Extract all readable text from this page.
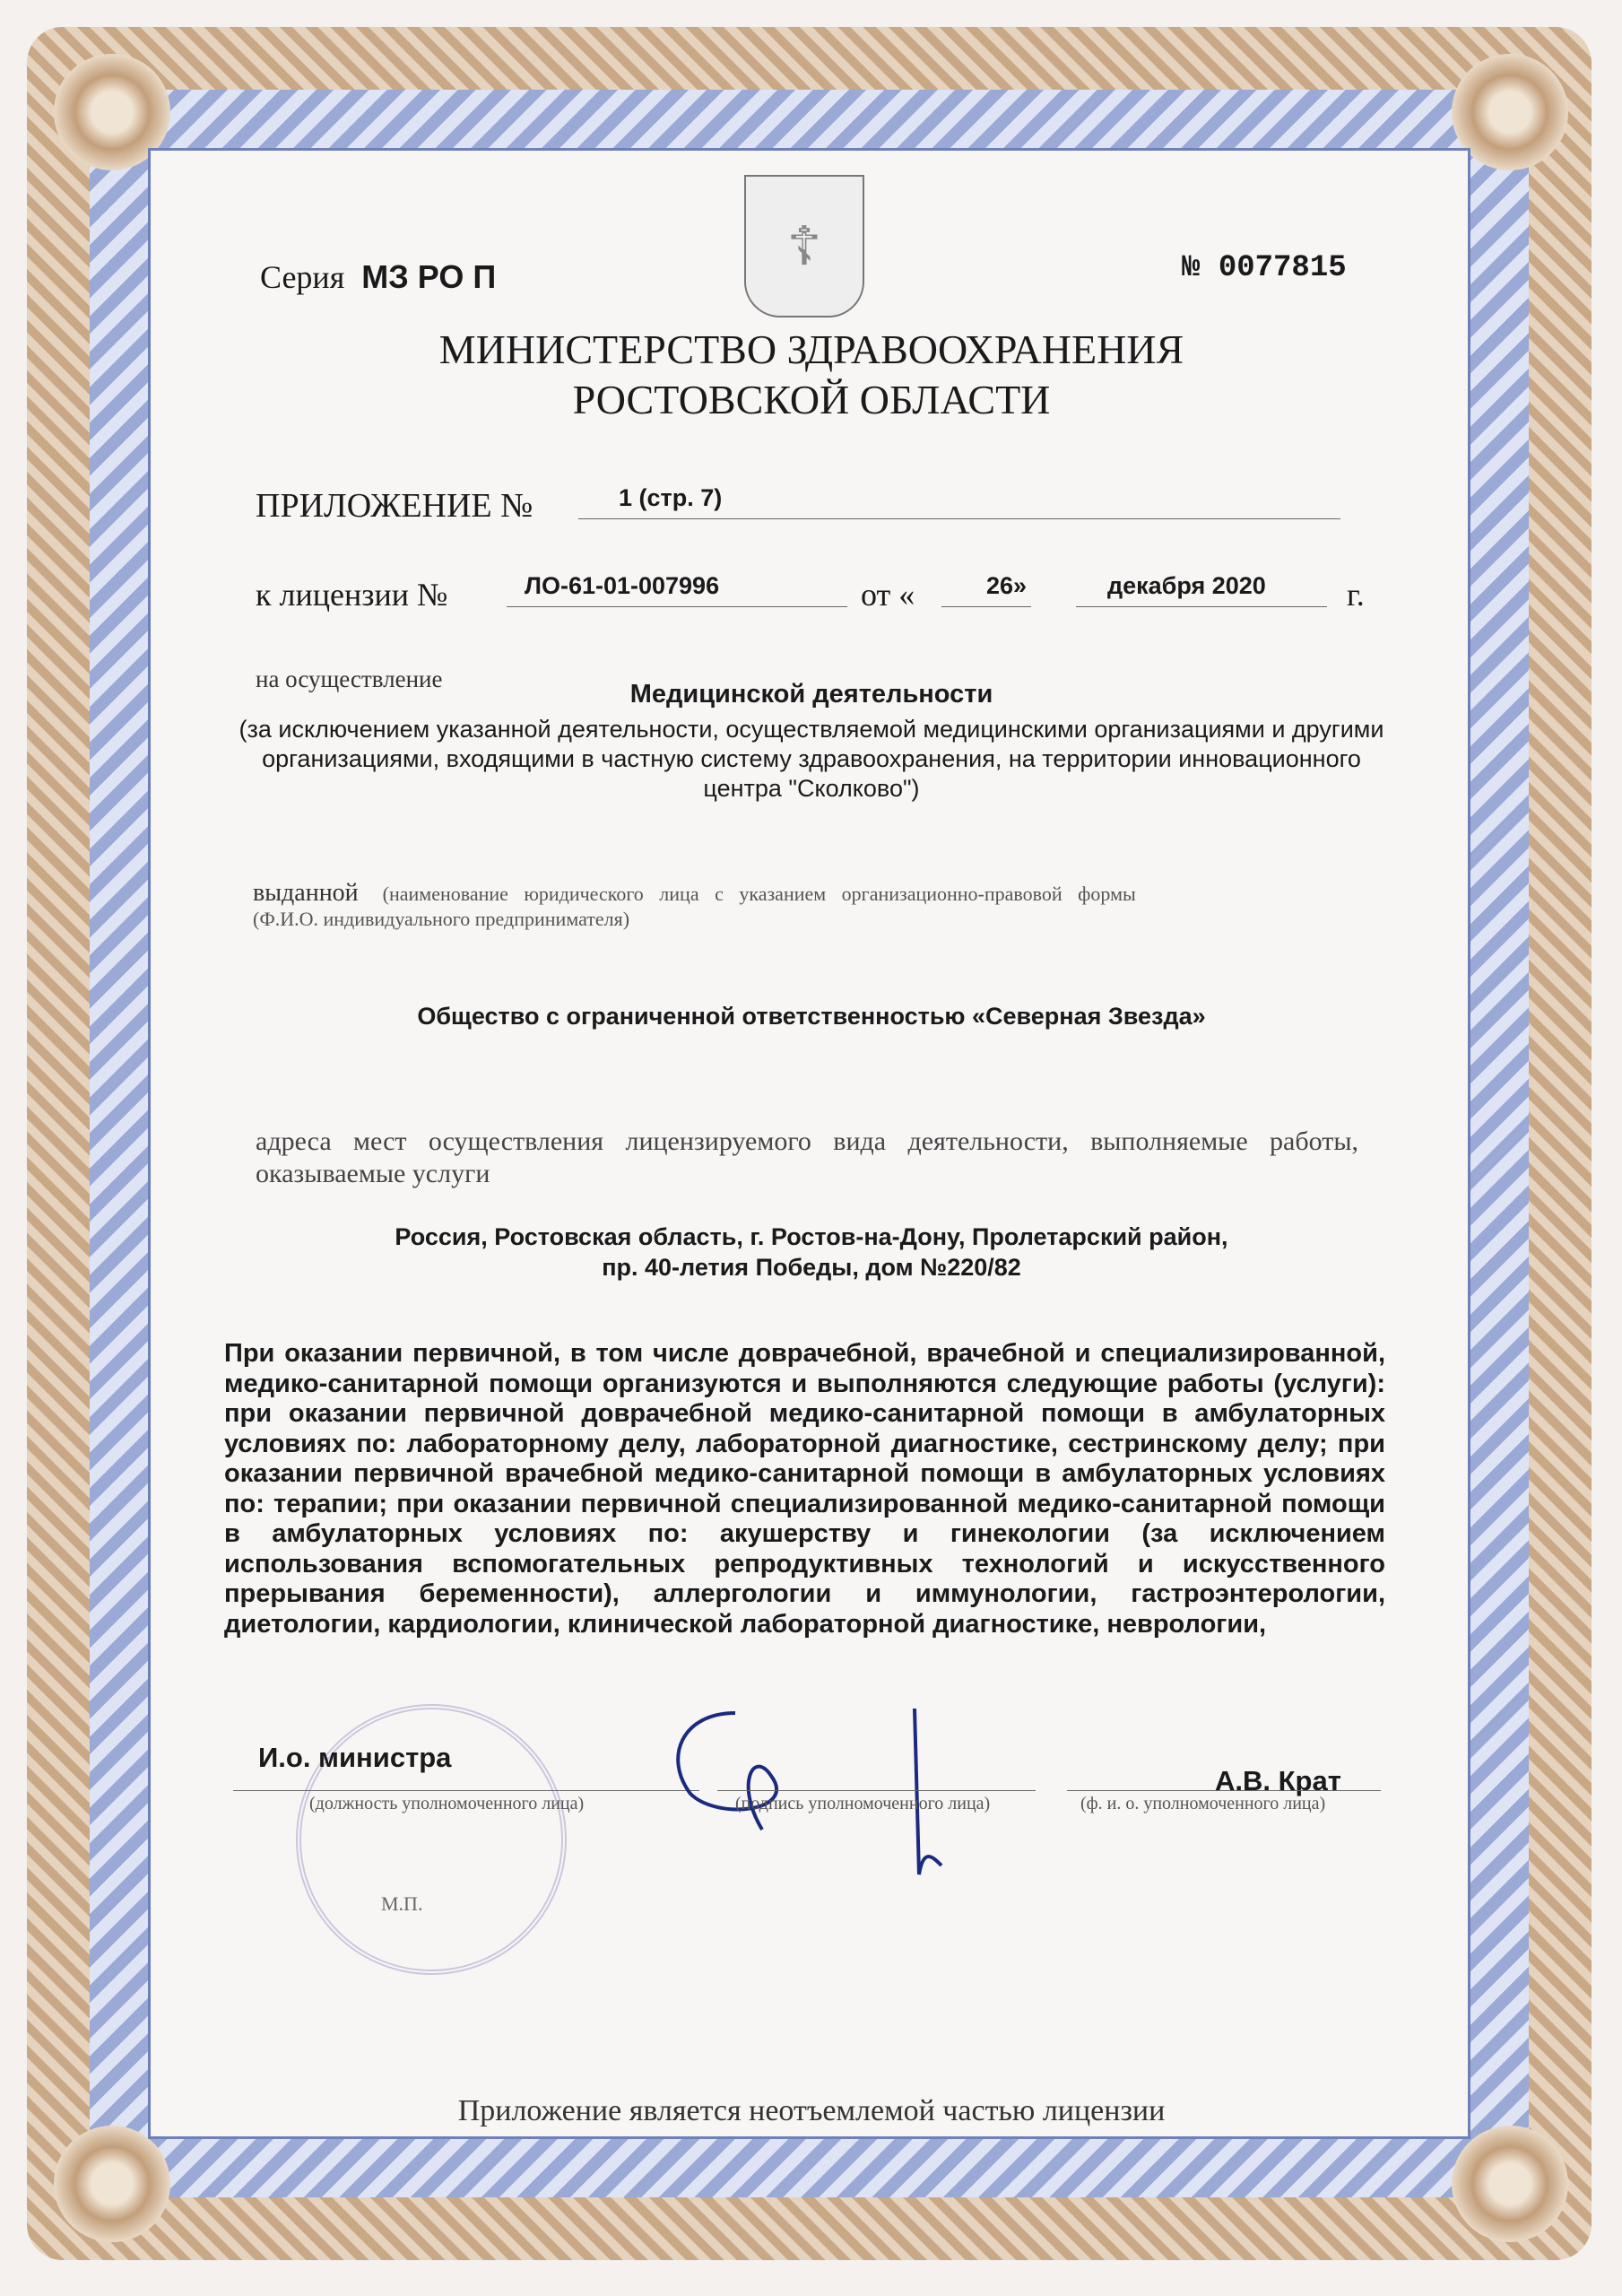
☦
Серия МЗ РО П	№ 0077815
МИНИСТЕРСТВО ЗДРАВООХРАНЕНИЯ
РОСТОВСКОЙ ОБЛАСТИ
ПРИЛОЖЕНИЕ №	1 (стр. 7)
к лицензии №	ЛО-61-01-007996	от «	26»	декабря 2020	г.
на осуществление
Медицинской деятельности
(за исключением указанной деятельности, осуществляемой медицинскими организациями и другими организациями, входящими в частную систему здравоохранения, на территории инновационного центра "Сколково")
выданной (наименование юридического лица с указанием организационно-правовой формы
(Ф.И.О. индивидуального предпринимателя)
Общество с ограниченной ответственностью «Северная Звезда»
адреса мест осуществления лицензируемого вида деятельности, выполняемые работы, оказываемые услуги
Россия, Ростовская область, г. Ростов-на-Дону, Пролетарский район,
пр. 40-летия Победы, дом №220/82
При оказании первичной, в том числе доврачебной, врачебной и специализированной, медико-санитарной помощи организуются и выполняются следующие работы (услуги): при оказании первичной доврачебной медико-санитарной помощи в амбулаторных условиях по: лабораторному делу, лабораторной диагностике, сестринскому делу; при оказании первичной врачебной медико-санитарной помощи в амбулаторных условиях по: терапии; при оказании первичной специализированной медико-санитарной помощи в амбулаторных условиях по: акушерству и гинекологии (за исключением использования вспомогательных репродуктивных технологий и искусственного прерывания беременности), аллергологии и иммунологии, гастроэнтерологии, диетологии, кардиологии, клинической лабораторной диагностике, неврологии,
М.П.
И.о. министра
(должность уполномоченного лица)	(подпись уполномоченного лица)
А.В. Крат
(ф. и. о. уполномоченного лица)
Приложение является неотъемлемой частью лицензии
